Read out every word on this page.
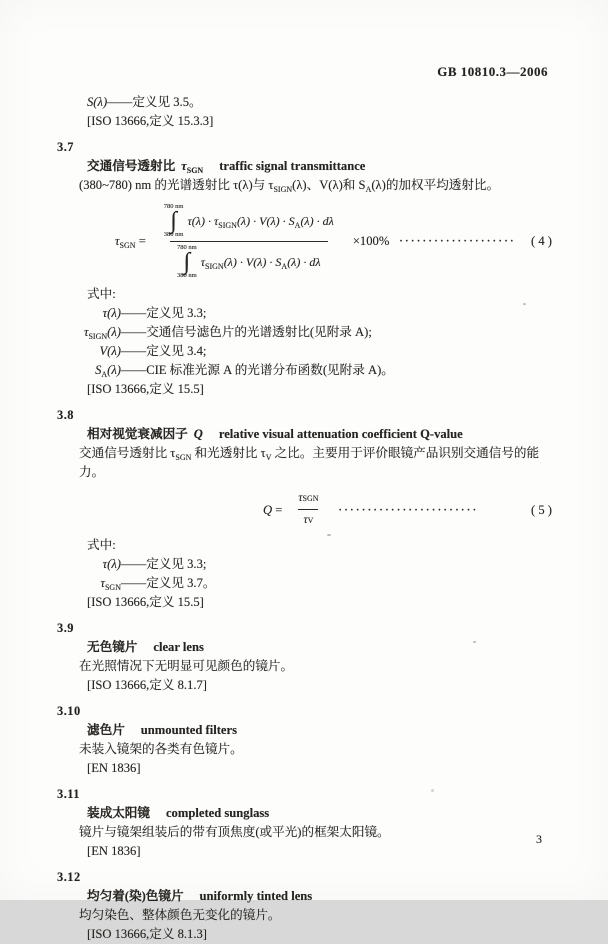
GB 10810.3—2006
S(λ)——定义见 3.5。
[ISO 13666,定义 15.3.3]
3.7
交通信号透射比 $\tau_{SGN}$ traffic signal transmittance
(380~780) nm 的光谱透射比 τ(λ)与 $\tau_{SIGN}(\lambda)$、V(λ)和 $S_A(\lambda)$的加权平均透射比。
$\tau_{SGN} = 780$ nm
∫
380 nm
$\tau(\lambda) \cdot \tau_{SIGN}(\lambda) \cdot V(\lambda) \cdot S_A(\lambda) \cdot d\lambda$
780 nm
∫
380 nm
$\tau_{SIGN}(\lambda) \cdot V(\lambda) \cdot S_A(\lambda) \cdot d\lambda \times 100\%$ ····················	( 4 )
式中:
τ(λ) ——定义见 3.3;
$\tau_{SIGN}(\lambda)$ ——交通信号滤色片的光谱透射比(见附录 A);
V(λ) ——定义见 3.4;
$S_A(\lambda)$ ——CIE 标准光源 A 的光谱分布函数(见附录 A)。
[ISO 13666,定义 15.5]
3.8
相对视觉衰减因子 Q relative visual attenuation coefficient Q-value
交通信号透射比 $\tau_{SGN}$ 和光透射比 $\tau_V$ 之比。主要用于评价眼镜产品识别交通信号的能力。
$Q = \frac{\text{τ SGN}}{\text{τ V}}$ ························	( 5 )
式中:
τ(λ) ——定义见 3.3;
$\tau_{SGN}$ ——定义见 3.7。
[ISO 13666,定义 15.5]
3.9
无色镜片 clear lens
在光照情况下无明显可见颜色的镜片。
[ISO 13666,定义 8.1.7]
3.10
滤色片 unmounted filters
未装入镜架的各类有色镜片。
[EN 1836]
3.11
装成太阳镜 completed sunglass
镜片与镜架组装后的带有顶焦度(或平光)的框架太阳镜。
[EN 1836]
3.12
均匀着(染)色镜片 uniformly tinted lens
均匀染色、整体颜色无变化的镜片。
[ISO 13666,定义 8.1.3]
3
